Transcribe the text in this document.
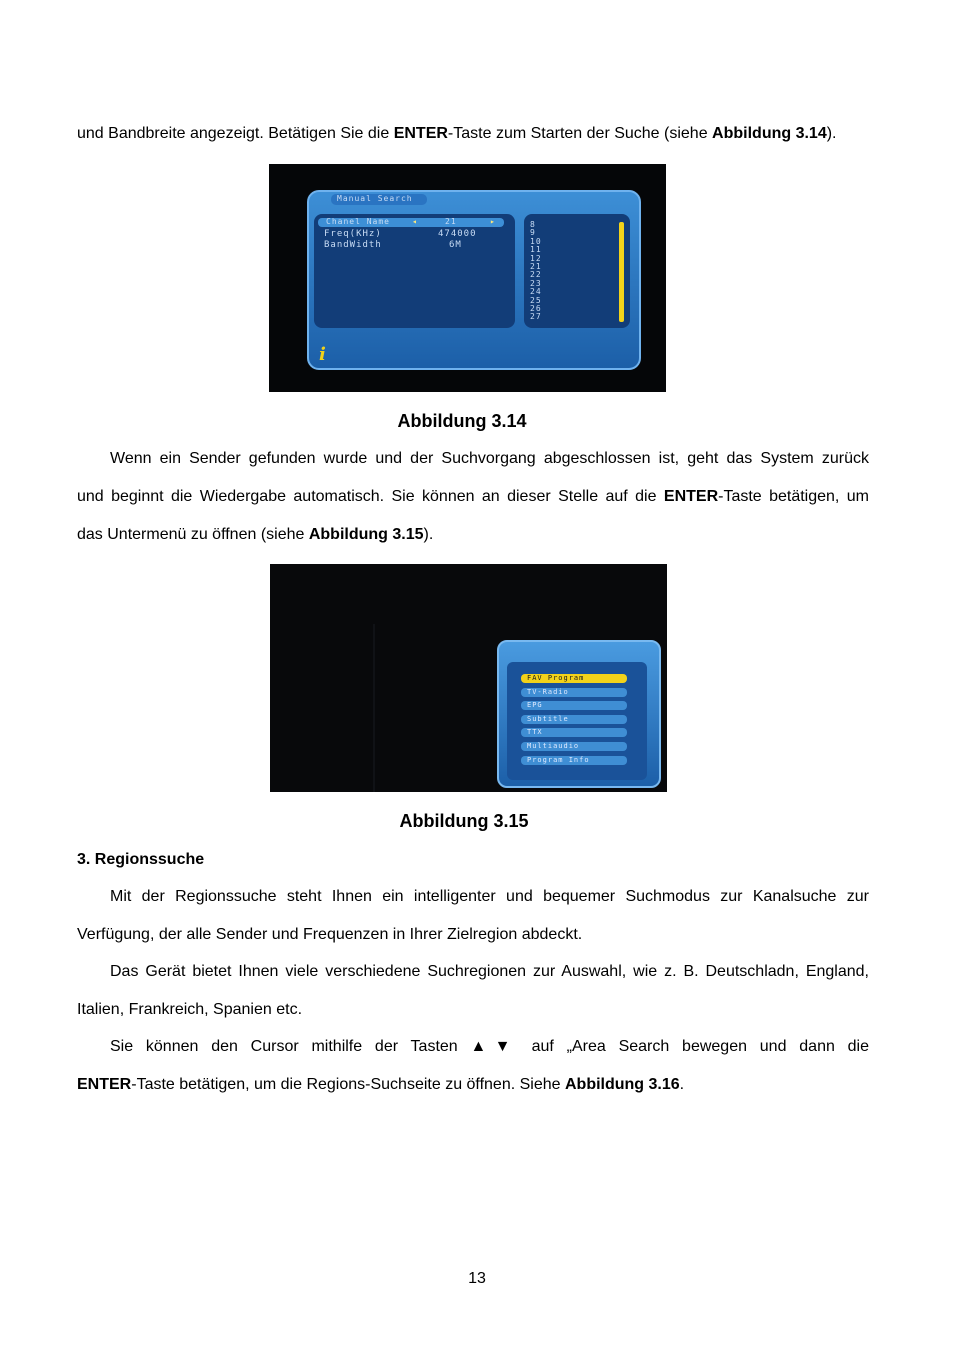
und Bandbreite angezeigt. Betätigen Sie die ENTER-Taste zum Starten der Suche (siehe Abbildung 3.14).

Manual Search
Chanel Name	◂	21	▸
Freq(KHz)	474000
BandWidth	6M
8
9
10
11
12
21
22
23
24
25
26
27
i
Abbildung 3.14

Wenn ein Sender gefunden wurde und der Suchvorgang abgeschlossen ist, geht das System zurück

und beginnt die Wiedergabe automatisch. Sie können an dieser Stelle auf die ENTER-Taste betätigen, um

das Untermenü zu öffnen (siehe Abbildung 3.15).

FAV Program
TV-Radio
EPG
Subtitle
TTX
Multiaudio
Program Info
Abbildung 3.15

3. Regionssuche

Mit der Regionssuche steht Ihnen ein intelligenter und bequemer Suchmodus zur Kanalsuche zur

Verfügung, der alle Sender und Frequenzen in Ihrer Zielregion abdeckt.

Das Gerät bietet Ihnen viele verschiedene Suchregionen zur Auswahl, wie z. B. Deutschladn, England,

Italien, Frankreich, Spanien etc.

Sie können den Cursor mithilfe der Tasten ▲▼ auf „Area Search bewegen und dann die

ENTER-Taste betätigen, um die Regions-Suchseite zu öffnen. Siehe Abbildung 3.16.

13
